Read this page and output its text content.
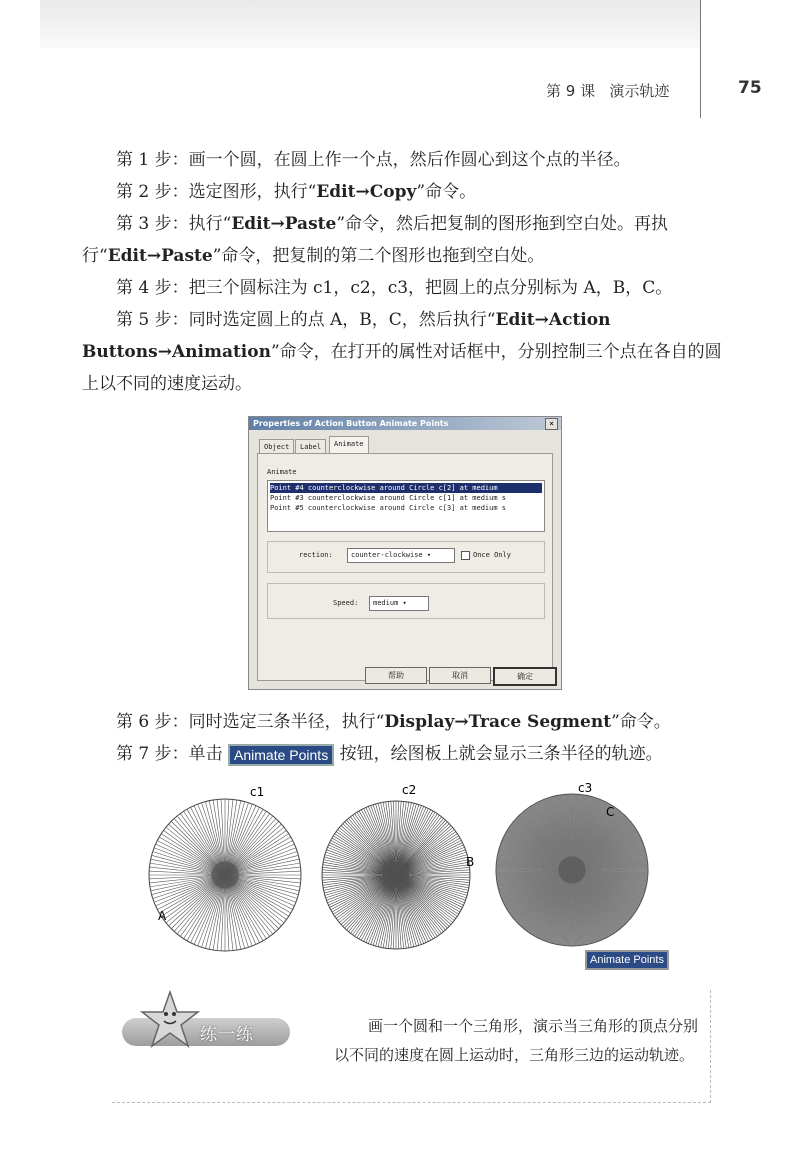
第 9 课 演示轨迹	75

第 1 步：画一个圆，在圆上作一个点，然后作圆心到这个点的半径。

第 2 步：选定图形，执行“Edit→Copy”命令。

第 3 步：执行“Edit→Paste”命令，然后把复制的图形拖到空白处。再执行“Edit→Paste”命令，把复制的第二个图形也拖到空白处。

第 4 步：把三个圆标注为 c1，c2，c3，把圆上的点分别标为 A，B，C。

第 5 步：同时选定圆上的点 A，B，C，然后执行“Edit→Action Buttons→Animation”命令，在打开的属性对话框中，分别控制三个点在各自的圆上以不同的速度运动。

Properties of Action Button Animate Points	×
Object	Label	Animate
Animate
Point #4 counterclockwise around Circle c[2] at medium
Point #3 counterclockwise around Circle c[1] at medium s
Point #5 counterclockwise around Circle c[3] at medium s
rection:	counter-clockwise ▾	Once Only
Speed:	medium ▾
帮助	取消	确定

第 6 步：同时选定三条半径，执行“Display→Trace Segment”命令。

第 7 步：单击 Animate Points 按钮，绘图板上就会显示三条半径的轨迹。

c1	c2	c3
A
B
C
Animate Points
练一练	画一个圆和一个三角形，演示当三角形的顶点分别以不同的速度在圆上运动时，三角形三边的运动轨迹。
